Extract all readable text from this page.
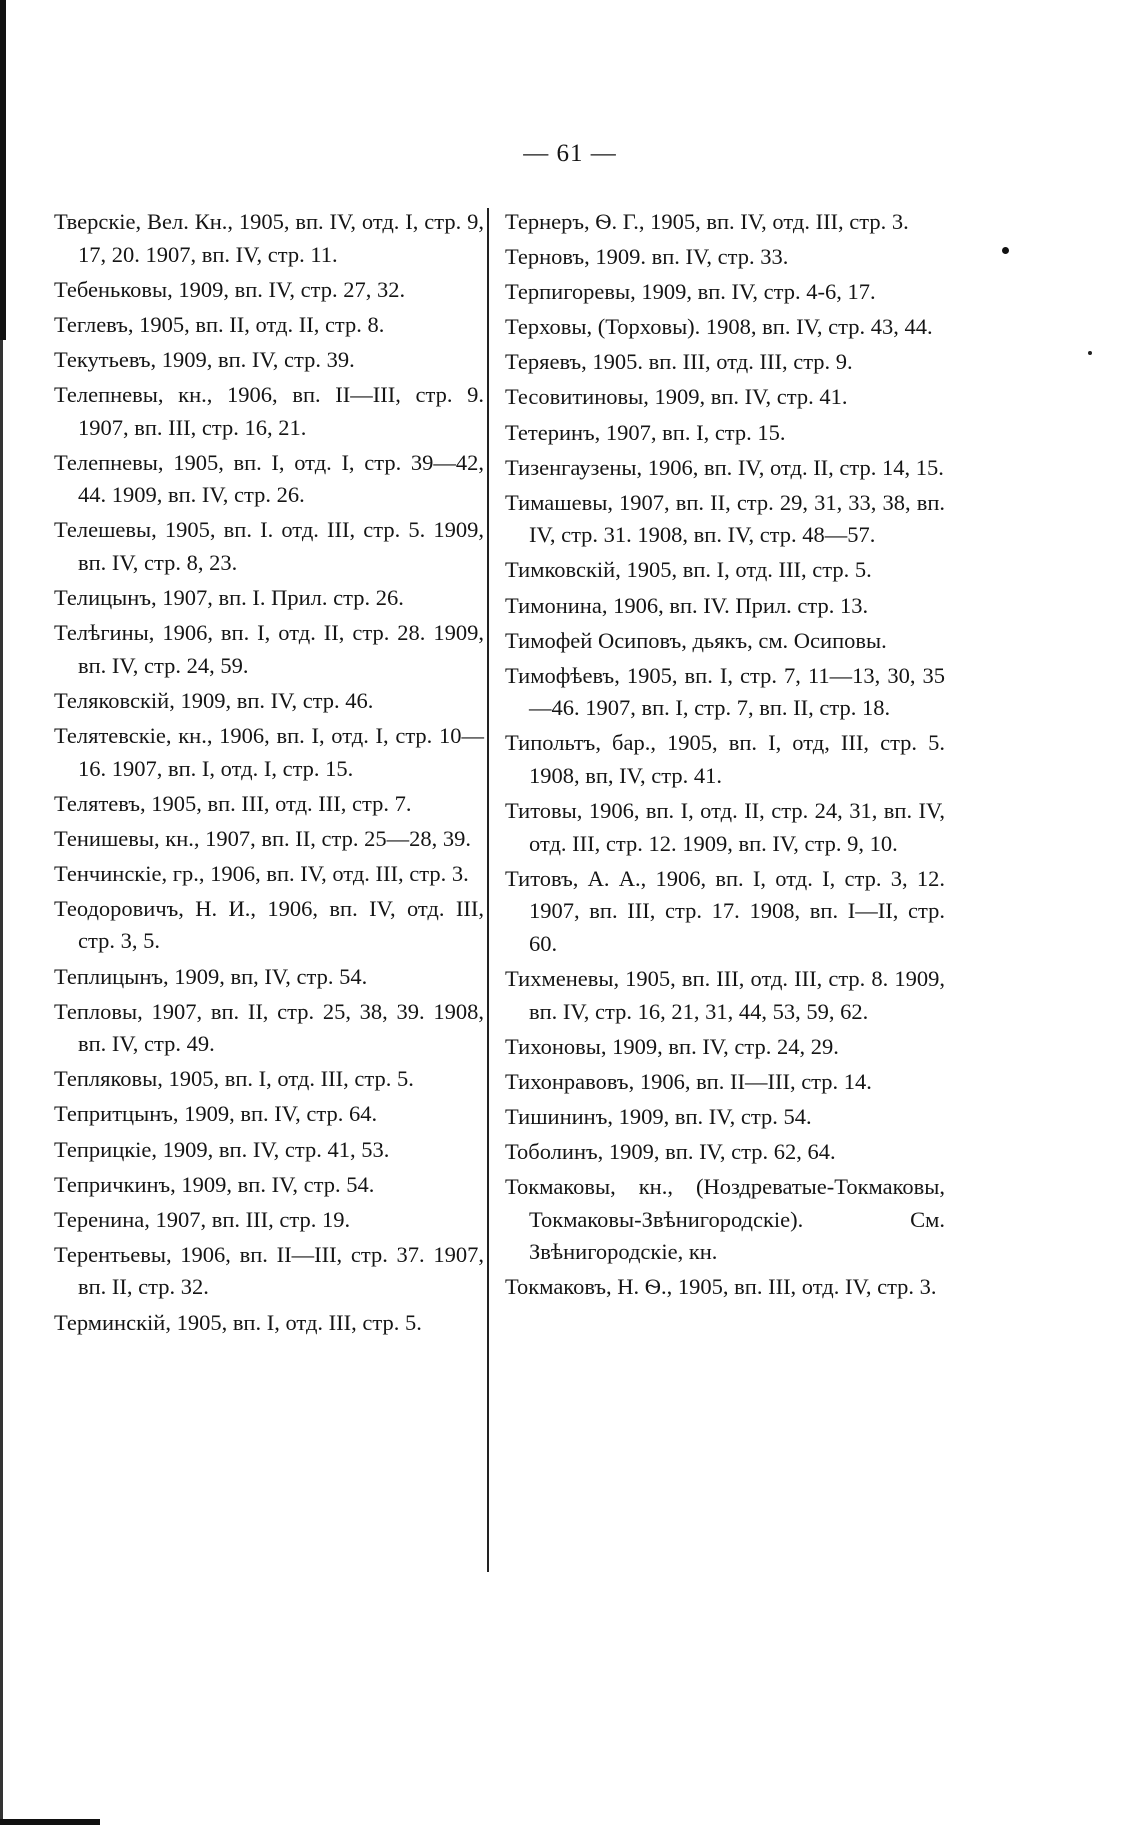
— 61 —

Тверскіе, Вел. Кн., 1905, вп. IV, отд. I, стр. 9, 17, 20. 1907, вп. IV, стр. 11.

Тебеньковы, 1909, вп. IV, стр. 27, 32.

Теглевъ, 1905, вп. II, отд. II, стр. 8.

Текутьевъ, 1909, вп. IV, стр. 39.

Телепневы, кн., 1906, вп. II—III, стр. 9. 1907, вп. III, стр. 16, 21.

Телепневы, 1905, вп. I, отд. I, стр. 39—42, 44. 1909, вп. IV, стр. 26.

Телешевы, 1905, вп. I. отд. III, стр. 5. 1909, вп. IV, стр. 8, 23.

Телицынъ, 1907, вп. I. Прил. стр. 26.

Телѣгины, 1906, вп. I, отд. II, стр. 28. 1909, вп. IV, стр. 24, 59.

Теляковскій, 1909, вп. IV, стр. 46.

Телятевскіе, кн., 1906, вп. I, отд. I, стр. 10—16. 1907, вп. I, отд. I, стр. 15.

Телятевъ, 1905, вп. III, отд. III, стр. 7.

Тенишевы, кн., 1907, вп. II, стр. 25—28, 39.

Тенчинскіе, гр., 1906, вп. IV, отд. III, стр. 3.

Теодоровичъ, Н. И., 1906, вп. IV, отд. III, стр. 3, 5.

Теплицынъ, 1909, вп, IV, стр. 54.

Тепловы, 1907, вп. II, стр. 25, 38, 39. 1908, вп. IV, стр. 49.

Тепляковы, 1905, вп. I, отд. III, стр. 5.

Тепритцынъ, 1909, вп. IV, стр. 64.

Теприцкіе, 1909, вп. IV, стр. 41, 53.

Тепричкинъ, 1909, вп. IV, стр. 54.

Теренина, 1907, вп. III, стр. 19.

Терентьевы, 1906, вп. II—III, стр. 37. 1907, вп. II, стр. 32.

Терминскій, 1905, вп. I, отд. III, стр. 5.

Тернеръ, Ѳ. Г., 1905, вп. IV, отд. III, стр. 3.

Терновъ, 1909. вп. IV, стр. 33.

Терпигоревы, 1909, вп. IV, стр. 4-6, 17.

Терховы, (Торховы). 1908, вп. IV, стр. 43, 44.

Теряевъ, 1905. вп. III, отд. III, стр. 9.

Тесовитиновы, 1909, вп. IV, стр. 41.

Тетеринъ, 1907, вп. I, стр. 15.

Тизенгаузены, 1906, вп. IV, отд. II, стр. 14, 15.

Тимашевы, 1907, вп. II, стр. 29, 31, 33, 38, вп. IV, стр. 31. 1908, вп. IV, стр. 48—57.

Тимковскій, 1905, вп. I, отд. III, стр. 5.

Тимонина, 1906, вп. IV. Прил. стр. 13.

Тимофей Осиповъ, дьякъ, см. Осиповы.

Тимофѣевъ, 1905, вп. I, стр. 7, 11—13, 30, 35—46. 1907, вп. I, стр. 7, вп. II, стр. 18.

Типольтъ, бар., 1905, вп. I, отд, III, стр. 5. 1908, вп, IV, стр. 41.

Титовы, 1906, вп. I, отд. II, стр. 24, 31, вп. IV, отд. III, стр. 12. 1909, вп. IV, стр. 9, 10.

Титовъ, А. А., 1906, вп. I, отд. I, стр. 3, 12. 1907, вп. III, стр. 17. 1908, вп. I—II, стр. 60.

Тихменевы, 1905, вп. III, отд. III, стр. 8. 1909, вп. IV, стр. 16, 21, 31, 44, 53, 59, 62.

Тихоновы, 1909, вп. IV, стр. 24, 29.

Тихонравовъ, 1906, вп. II—III, стр. 14.

Тишининъ, 1909, вп. IV, стр. 54.

Тоболинъ, 1909, вп. IV, стр. 62, 64.

Токмаковы, кн., (Ноздреватые-Токмаковы, Токмаковы-Звѣнигородскіе). См. Звѣнигородскіе, кн.

Токмаковъ, Н. Ѳ., 1905, вп. III, отд. IV, стр. 3.
